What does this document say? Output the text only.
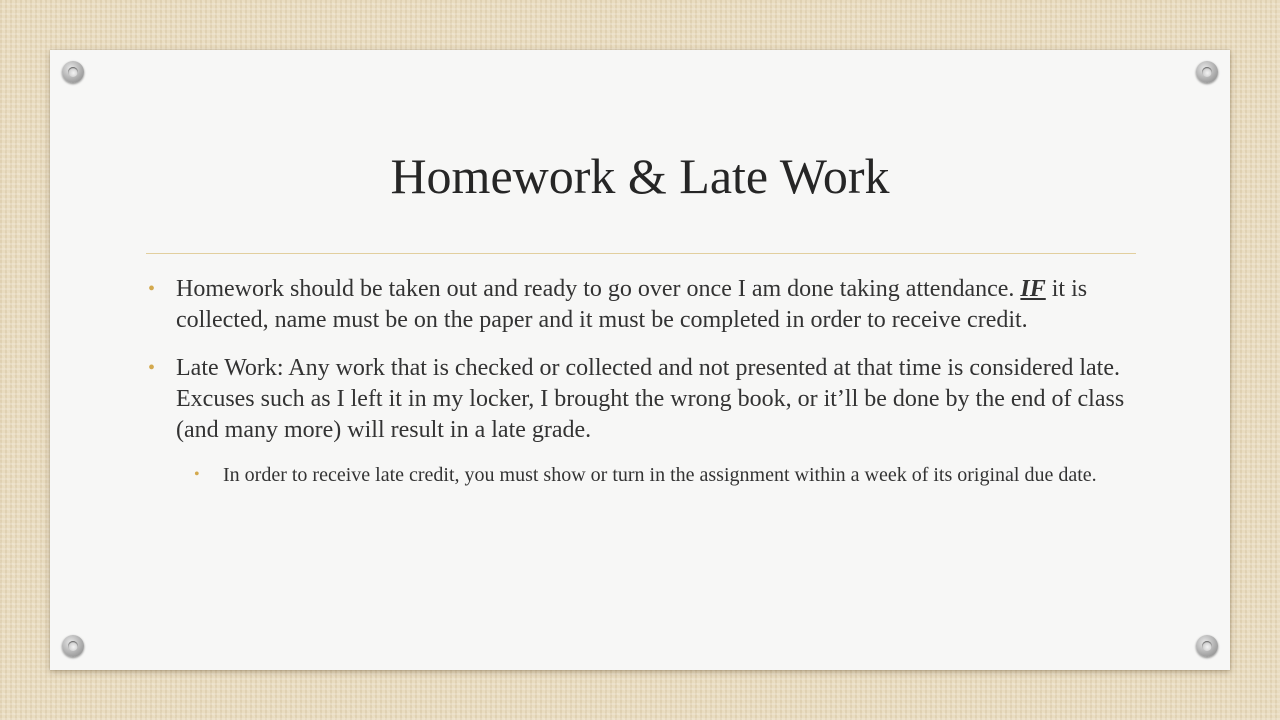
Homework & Late Work
• Homework should be taken out and ready to go over once I am done taking attendance. IF it is collected, name must be on the paper and it must be completed in order to receive credit.
• Late Work: Any work that is checked or collected and not presented at that time is considered late. Excuses such as I left it in my locker, I brought the wrong book, or it’ll be done by the end of class (and many more) will result in a late grade.
• In order to receive late credit, you must show or turn in the assignment within a week of its original due date.
